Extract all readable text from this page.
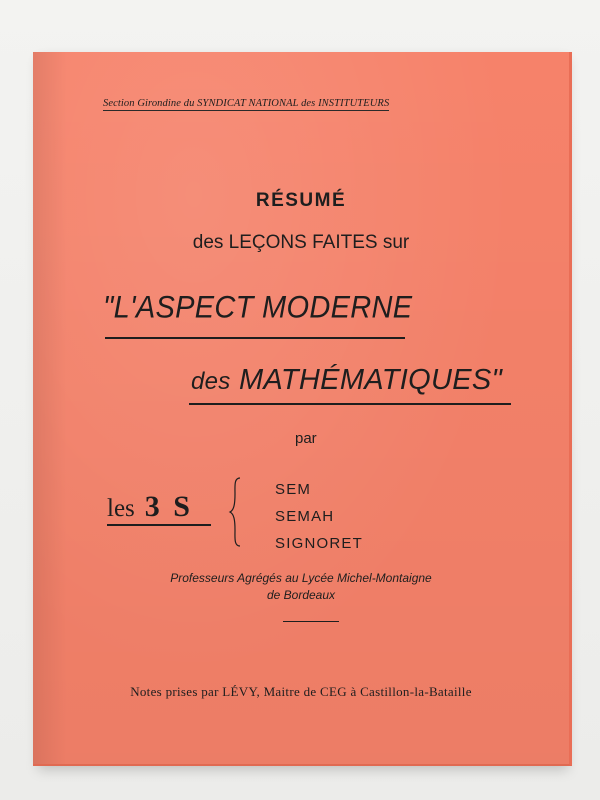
Section Girondine du SYNDICAT NATIONAL des INSTITUTEURS
RÉSUMÉ
des LEÇONS FAITES sur
"L'ASPECT MODERNE
des MATHÉMATIQUES"
par
les 3 S
SEM
SEMAH
SIGNORET
Professeurs Agrégés au Lycée Michel-Montaigne
de Bordeaux
Notes prises par LÉVY, Maitre de CEG à Castillon-la-Bataille
